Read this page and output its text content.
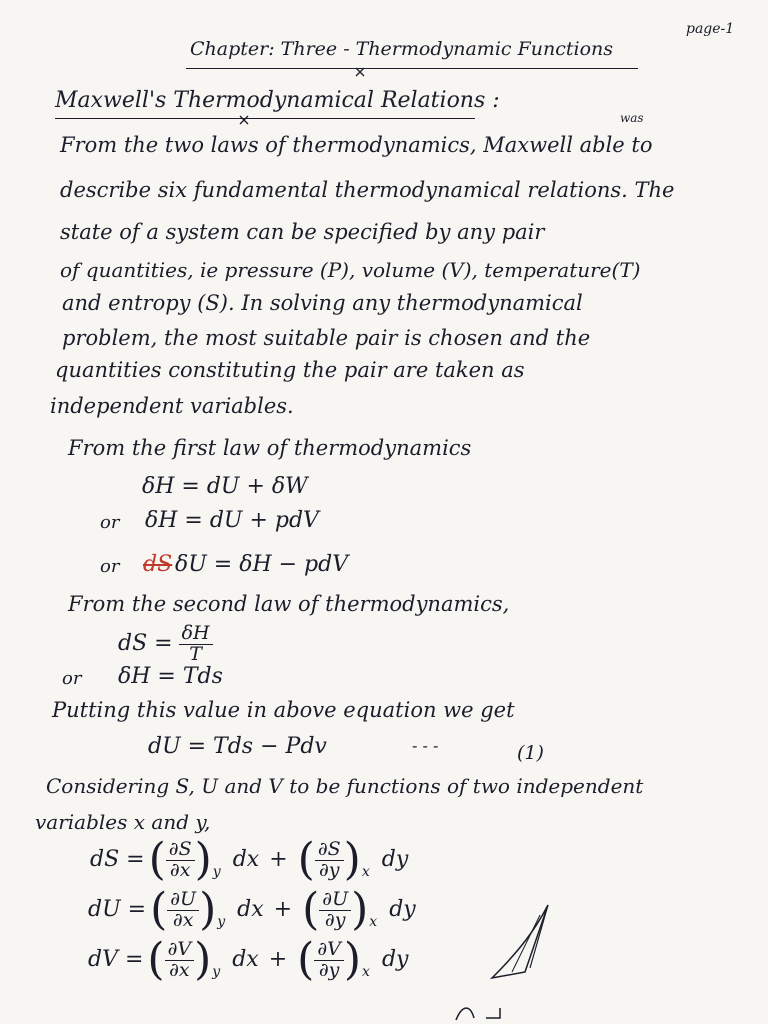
page-1
Chapter: Three - Thermodynamic Functions
Maxwell's Thermodynamical Relations :
was
From the two laws of thermodynamics, Maxwell able to
describe six fundamental thermodynamical relations. The
state of a system can be specified by any pair
of quantities, ie pressure (P), volume (V), temperature(T)
and entropy (S). In solving any thermodynamical
problem, the most suitable pair is chosen and the
quantities constituting the pair are taken as
independent variables.
From the first law of thermodynamics
δH = dU + δW
or δH = dU + pdV
or dS δU = δH − pdV
From the second law of thermodynamics,
dS = $\frac{\delta H}{T}$
or δH = Tds
Putting this value in above equation we get
dU = Tds − Pdv	- - -	(1)
Considering S, U and V to be functions of two independent
variables x and y,
dS = ( $\frac{\partial S}{\partial x}$ ) y dx + ( $\frac{\partial S}{\partial y}$ ) x dy
dU = ( $\frac{\partial U}{\partial x}$ ) y dx + ( $\frac{\partial U}{\partial y}$ ) x dy
dV = ( $\frac{\partial V}{\partial x}$ ) y dx + ( $\frac{\partial V}{\partial y}$ ) x dy
